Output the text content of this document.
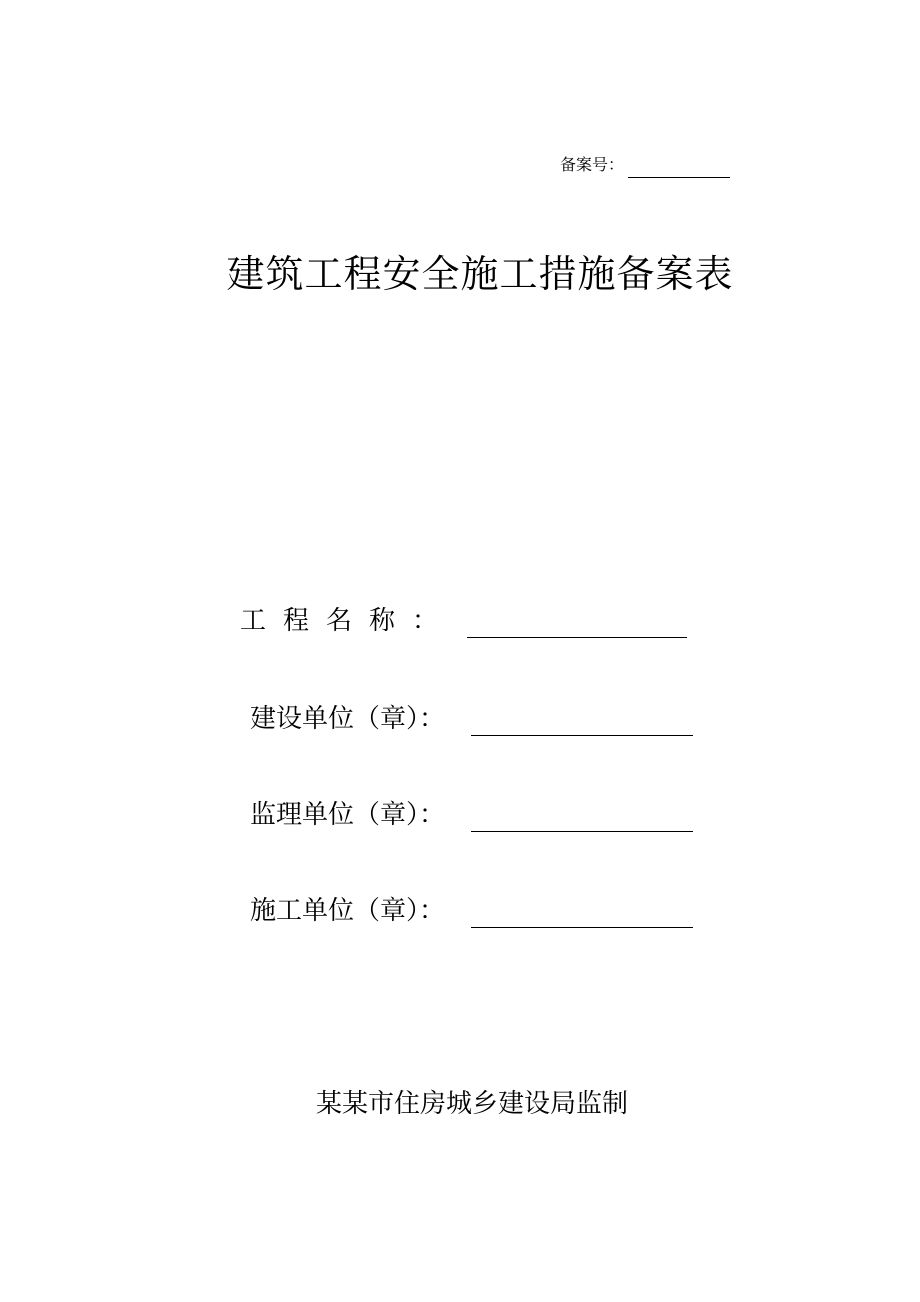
备案号：
建筑工程安全施工措施备案表
工程名称：
建设单位（章）：
监理单位（章）：
施工单位（章）：
某某市住房城乡建设局监制
